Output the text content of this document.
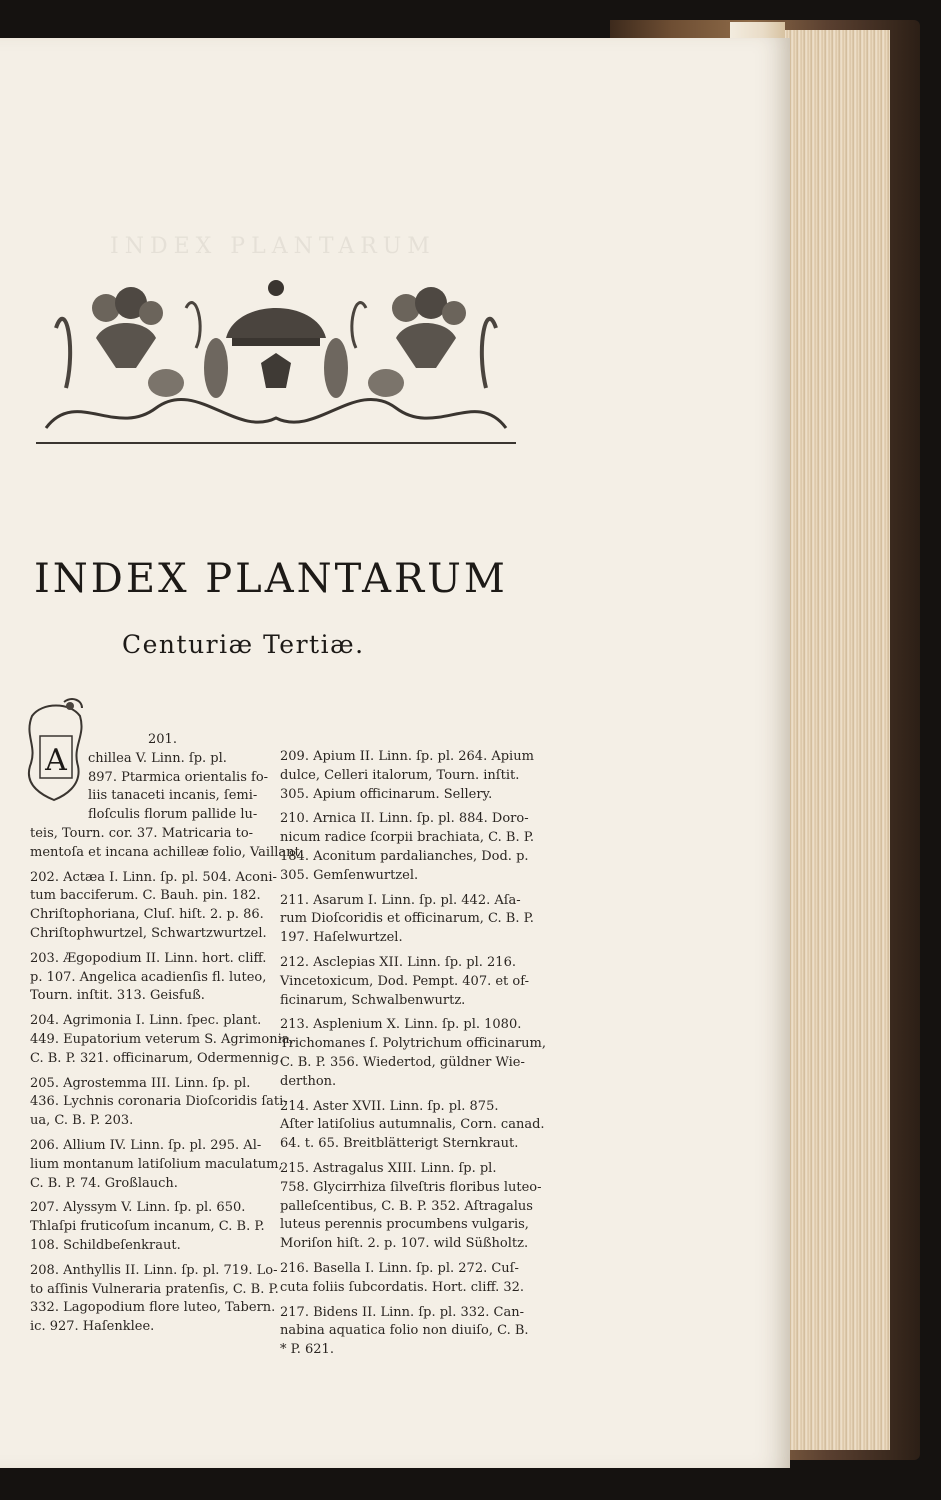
INDEX PLANTARUM
INDEX PLANTARUM
Centuriæ Tertiæ.
A
201.
chillea V. Linn. ſp. pl.
897. Ptarmica orientalis fo-
liis tanaceti incanis, ſemi-
floſculis florum pallide lu-
teis, Tourn. cor. 37. Matricaria to-
mentoſa et incana achilleæ folio, Vaillant.
202. Actæa I. Linn. ſp. pl. 504. Aconi-
tum bacciferum. C. Bauh. pin. 182.
Chriſtophoriana, Cluſ. hiſt. 2. p. 86.
Chriſtophwurtzel, Schwartzwurtzel.
203. Ægopodium II. Linn. hort. cliff.
p. 107. Angelica acadienſis fl. luteo,
Tourn. inſtit. 313. Geisfuß.
204. Agrimonia I. Linn. ſpec. plant.
449. Eupatorium veterum S. Agrimonia,
C. B. P. 321. officinarum, Odermennig.
205. Agrostemma III. Linn. ſp. pl.
436. Lychnis coronaria Dioſcoridis ſati-
ua, C. B. P. 203.
206. Allium IV. Linn. ſp. pl. 295. Al-
lium montanum latiſolium maculatum,
C. B. P. 74. Großlauch.
207. Alyssym V. Linn. ſp. pl. 650.
Thlaſpi fruticoſum incanum, C. B. P.
108. Schildbeſenkraut.
208. Anthyllis II. Linn. ſp. pl. 719. Lo-
to aſſinis Vulneraria pratenſis, C. B. P.
332. Lagopodium flore luteo, Tabern.
ic. 927. Haſenklee.
209. Apium II. Linn. ſp. pl. 264. Apium
dulce, Celleri italorum, Tourn. inſtit.
305. Apium officinarum. Sellery.
210. Arnica II. Linn. ſp. pl. 884. Doro-
nicum radice ſcorpii brachiata, C. B. P.
184. Aconitum pardalianches, Dod. p.
305. Gemſenwurtzel.
211. Asarum I. Linn. ſp. pl. 442. Aſa-
rum Dioſcoridis et officinarum, C. B. P.
197. Haſelwurtzel.
212. Asclepias XII. Linn. ſp. pl. 216.
Vincetoxicum, Dod. Pempt. 407. et of-
ficinarum, Schwalbenwurtz.
213. Asplenium X. Linn. ſp. pl. 1080.
Trichomanes ſ. Polytrichum officinarum,
C. B. P. 356. Wiedertod, güldner Wie-
derthon.
214. Aster XVII. Linn. ſp. pl. 875.
Aſter latiſolius autumnalis, Corn. canad.
64. t. 65. Breitblätterigt Sternkraut.
215. Astragalus XIII. Linn. ſp. pl.
758. Glycirrhiza ſilveſtris floribus luteo-
palleſcentibus, C. B. P. 352. Aſtragalus
luteus perennis procumbens vulgaris,
Moriſon hiſt. 2. p. 107. wild Süßholtz.
216. Basella I. Linn. ſp. pl. 272. Cuſ-
cuta foliis ſubcordatis. Hort. cliff. 32.
217. Bidens II. Linn. ſp. pl. 332. Can-
nabina aquatica folio non diuiſo, C. B.
* P. 621.
